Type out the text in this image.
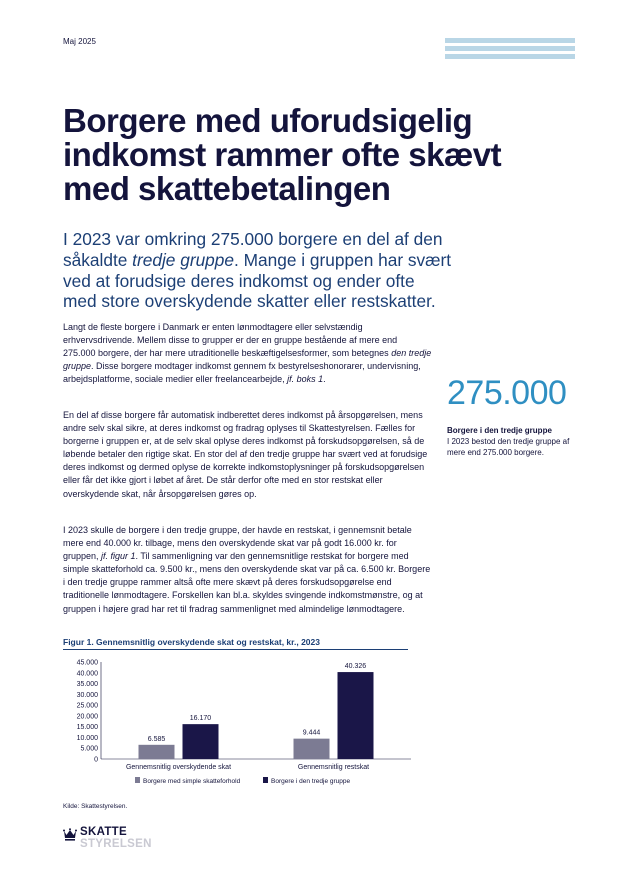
Maj 2025
Borgere med uforudsigelig indkomst rammer ofte skævt med skattebetalingen

I 2023 var omkring 275.000 borgere en del af den såkaldte tredje gruppe. Mange i gruppen har svært ved at forudsige deres indkomst og ender ofte med store overskydende skatter eller restskatter.

Langt de fleste borgere i Danmark er enten lønmodtagere eller selvstændig erhvervsdrivende. Mellem disse to grupper er der en gruppe bestående af mere end 275.000 borgere, der har mere utraditionelle beskæftigelsesformer, som betegnes den tredje gruppe. Disse borgere modtager indkomst gennem fx bestyrelseshonorarer, undervisning, arbejdsplatforme, sociale medier eller freelancearbejde, jf. boks 1.

En del af disse borgere får automatisk indberettet deres indkomst på årsopgørelsen, mens andre selv skal sikre, at deres indkomst og fradrag oplyses til Skattestyrelsen. Fælles for borgerne i gruppen er, at de selv skal oplyse deres indkomst på forskudsopgørelsen, så de løbende betaler den rigtige skat. En stor del af den tredje gruppe har svært ved at forudsige deres indkomst og dermed oplyse de korrekte indkomstoplysninger på forskudsopgørelsen eller får det ikke gjort i løbet af året. De står derfor ofte med en stor restskat eller overskydende skat, når årsopgørelsen gøres op.

I 2023 skulle de borgere i den tredje gruppe, der havde en restskat, i gennemsnit betale mere end 40.000 kr. tilbage, mens den overskydende skat var på godt 16.000 kr. for gruppen, jf. figur 1. Til sammenligning var den gennemsnitlige restskat for borgere med simple skatteforhold ca. 9.500 kr., mens den overskydende skat var på ca. 6.500 kr. Borgere i den tredje gruppe rammer altså ofte mere skævt på deres forskudsopgørelse end traditionelle lønmodtagere. Forskellen kan bl.a. skyldes svingende indkomstmønstre, og at gruppen i højere grad har ret til fradrag sammenlignet med almindelige lønmodtagere.

275.000
Borgere i den tredje gruppe
I 2023 bestod den tredje gruppe af mere end 275.000 borgere.
Figur 1. Gennemsnitlig overskydende skat og restskat, kr., 2023
0
5.000
10.000
15.000
20.000
25.000
30.000
35.000
40.000
45.000
6.585
16.170
Gennemsnitlig overskydende skat
9.444
40.326
Gennemsnitlig restskat
Borgere med simple skatteforhold	Borgere i den tredje gruppe
Kilde: Skattestyrelsen.
SKATTE
STYRELSEN
